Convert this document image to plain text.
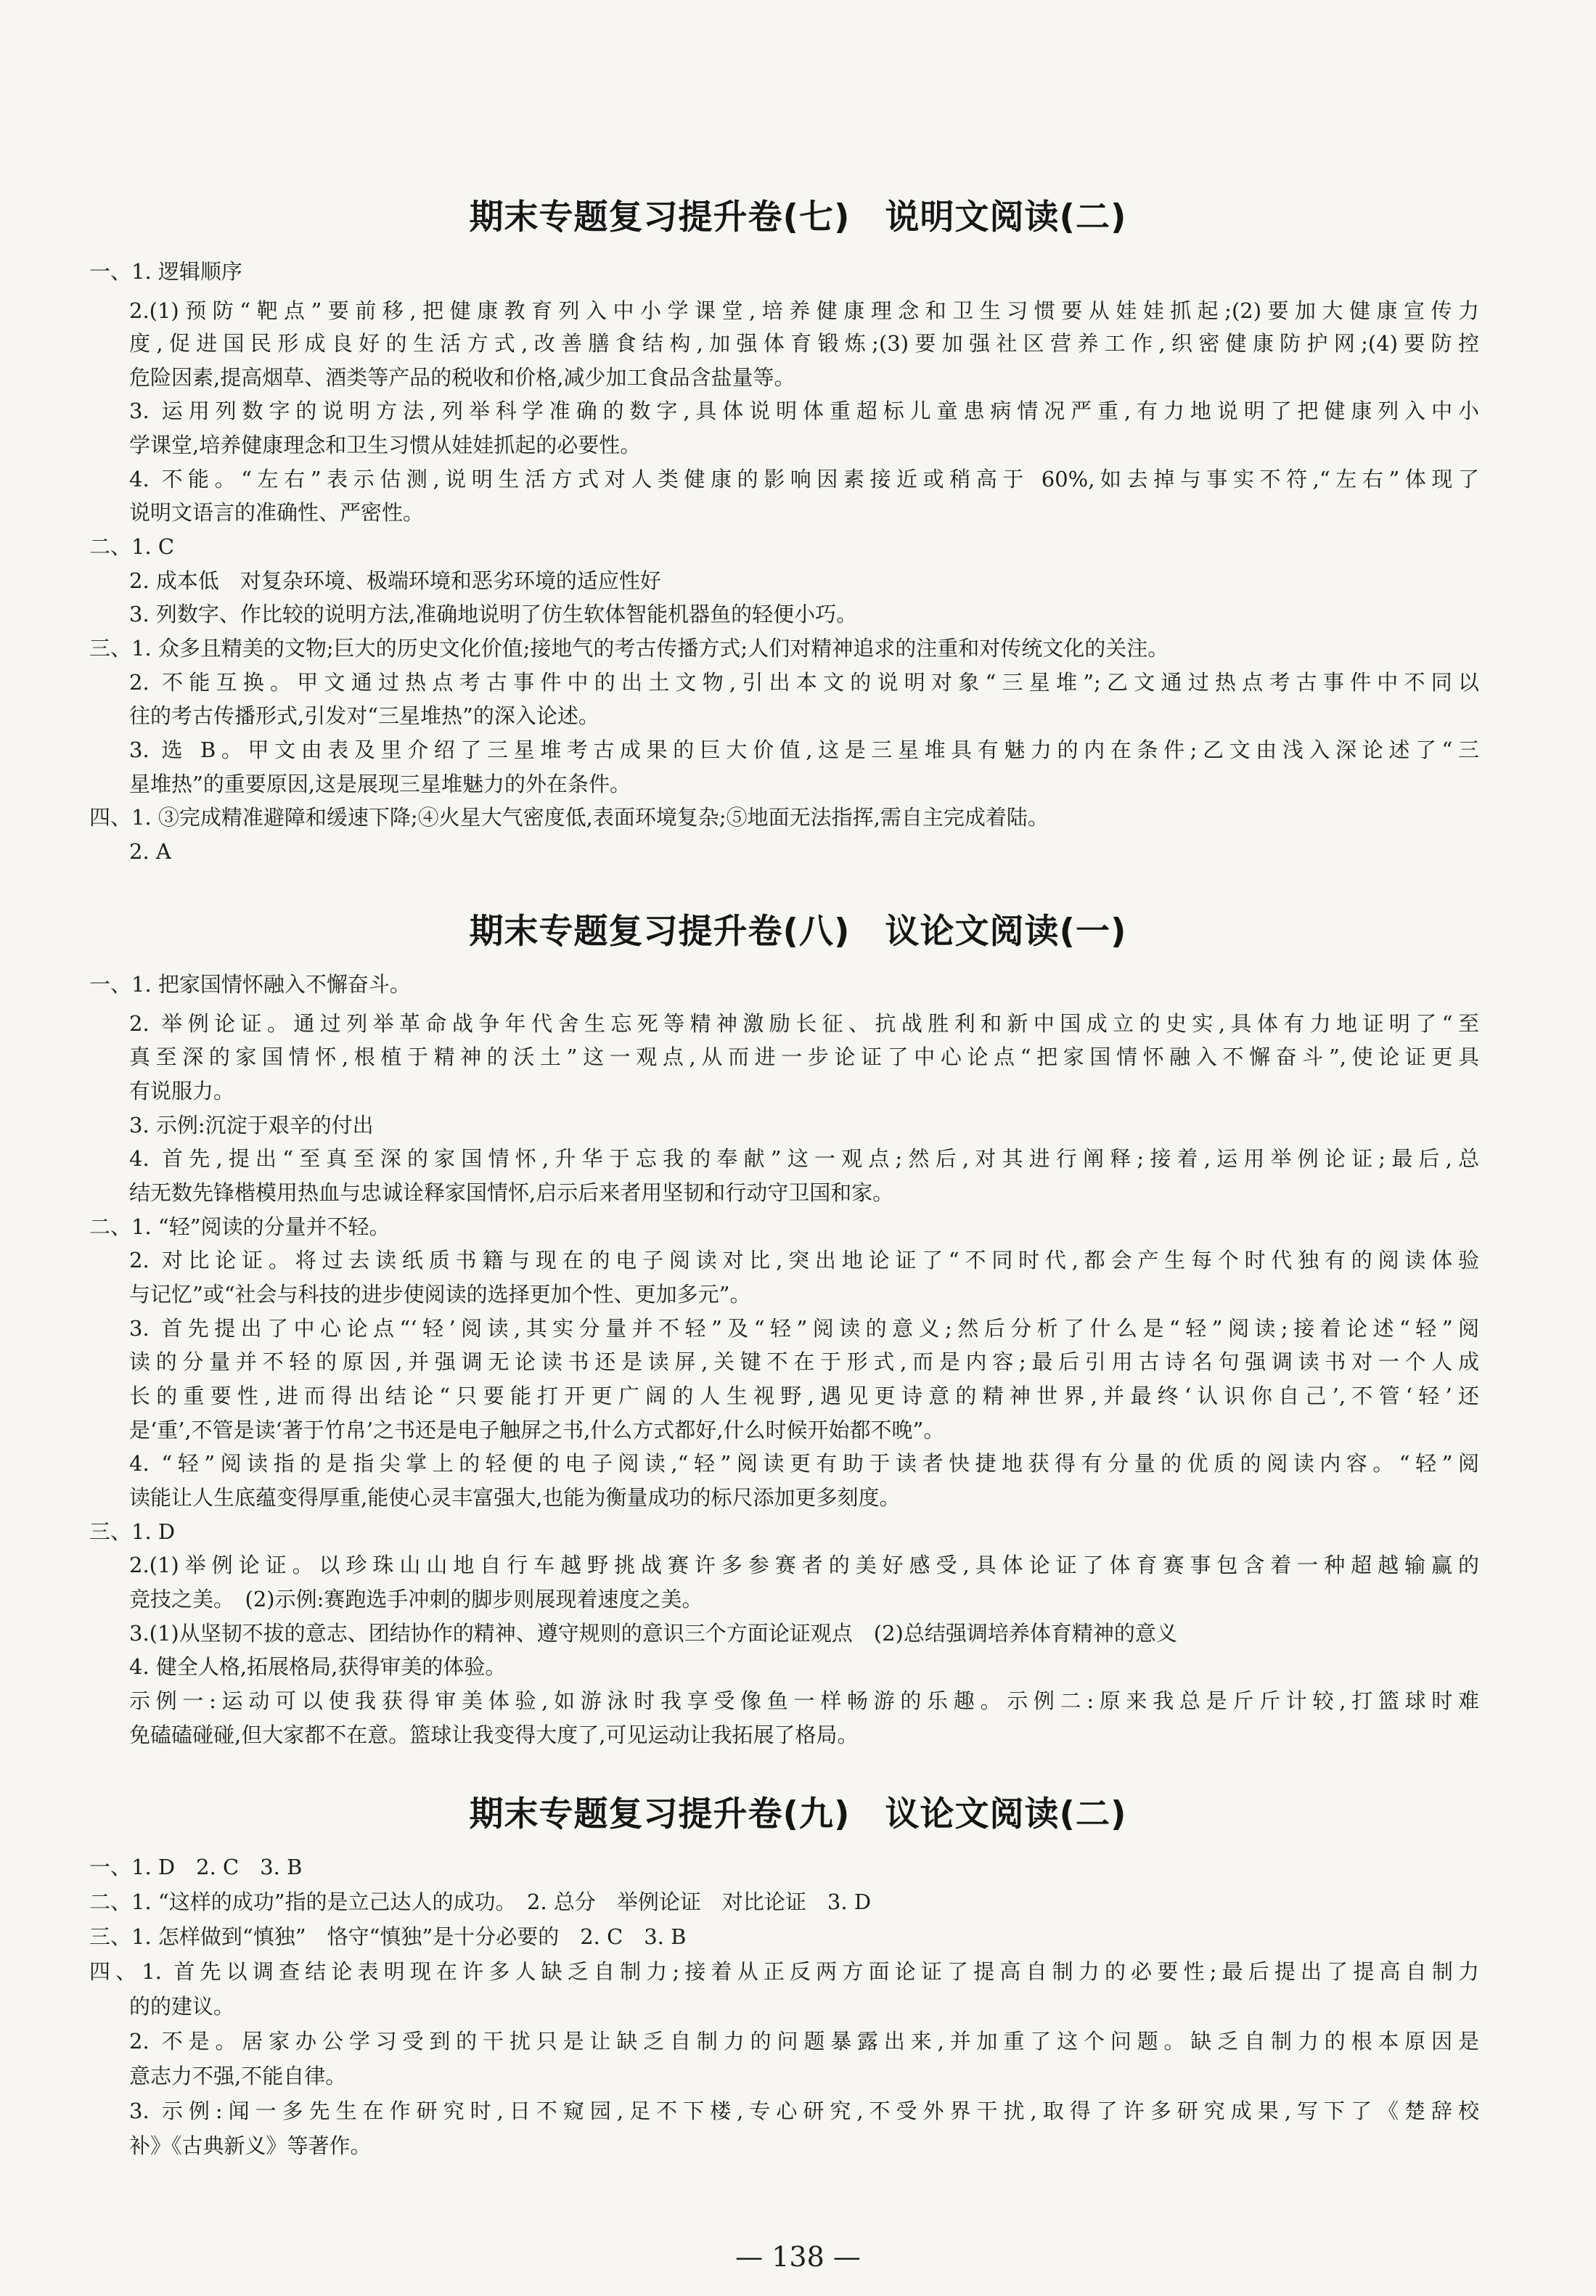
期末专题复习提升卷(七)　说明文阅读(二)

一、1. 逻辑顺序

2.(1)预防“靶点”要前移,把健康教育列入中小学课堂,培养健康理念和卫生习惯要从娃娃抓起;(2)要加大健康宣传力

度,促进国民形成良好的生活方式,改善膳食结构,加强体育锻炼;(3)要加强社区营养工作,织密健康防护网;(4)要防控

危险因素,提高烟草、酒类等产品的税收和价格,减少加工食品含盐量等。

3. 运用列数字的说明方法,列举科学准确的数字,具体说明体重超标儿童患病情况严重,有力地说明了把健康列入中小

学课堂,培养健康理念和卫生习惯从娃娃抓起的必要性。

4. 不能。“左右”表示估测,说明生活方式对人类健康的影响因素接近或稍高于 60%,如去掉与事实不符,“左右”体现了

说明文语言的准确性、严密性。

二、1. C

2. 成本低　对复杂环境、极端环境和恶劣环境的适应性好

3. 列数字、作比较的说明方法,准确地说明了仿生软体智能机器鱼的轻便小巧。

三、1. 众多且精美的文物;巨大的历史文化价值;接地气的考古传播方式;人们对精神追求的注重和对传统文化的关注。

2. 不能互换。甲文通过热点考古事件中的出土文物,引出本文的说明对象“三星堆”;乙文通过热点考古事件中不同以

往的考古传播形式,引发对“三星堆热”的深入论述。

3. 选 B。甲文由表及里介绍了三星堆考古成果的巨大价值,这是三星堆具有魅力的内在条件;乙文由浅入深论述了“三

星堆热”的重要原因,这是展现三星堆魅力的外在条件。

四、1. ③完成精准避障和缓速下降;④火星大气密度低,表面环境复杂;⑤地面无法指挥,需自主完成着陆。

2. A

期末专题复习提升卷(八)　议论文阅读(一)

一、1. 把家国情怀融入不懈奋斗。

2. 举例论证。通过列举革命战争年代舍生忘死等精神激励长征、抗战胜利和新中国成立的史实,具体有力地证明了“至

真至深的家国情怀,根植于精神的沃土”这一观点,从而进一步论证了中心论点“把家国情怀融入不懈奋斗”,使论证更具

有说服力。

3. 示例:沉淀于艰辛的付出

4. 首先,提出“至真至深的家国情怀,升华于忘我的奉献”这一观点;然后,对其进行阐释;接着,运用举例论证;最后,总

结无数先锋楷模用热血与忠诚诠释家国情怀,启示后来者用坚韧和行动守卫国和家。

二、1. “轻”阅读的分量并不轻。

2. 对比论证。将过去读纸质书籍与现在的电子阅读对比,突出地论证了“不同时代,都会产生每个时代独有的阅读体验

与记忆”或“社会与科技的进步使阅读的选择更加个性、更加多元”。

3. 首先提出了中心论点“‘轻’阅读,其实分量并不轻”及“轻”阅读的意义;然后分析了什么是“轻”阅读;接着论述“轻”阅

读的分量并不轻的原因,并强调无论读书还是读屏,关键不在于形式,而是内容;最后引用古诗名句强调读书对一个人成

长的重要性,进而得出结论“只要能打开更广阔的人生视野,遇见更诗意的精神世界,并最终‘认识你自己’,不管‘轻’还

是‘重’,不管是读‘著于竹帛’之书还是电子触屏之书,什么方式都好,什么时候开始都不晚”。

4. “轻”阅读指的是指尖掌上的轻便的电子阅读,“轻”阅读更有助于读者快捷地获得有分量的优质的阅读内容。“轻”阅

读能让人生底蕴变得厚重,能使心灵丰富强大,也能为衡量成功的标尺添加更多刻度。

三、1. D

2.(1)举例论证。以珍珠山山地自行车越野挑战赛许多参赛者的美好感受,具体论证了体育赛事包含着一种超越输赢的

竞技之美。　(2)示例:赛跑选手冲刺的脚步则展现着速度之美。

3.(1)从坚韧不拔的意志、团结协作的精神、遵守规则的意识三个方面论证观点　(2)总结强调培养体育精神的意义

4. 健全人格,拓展格局,获得审美的体验。

示例一:运动可以使我获得审美体验,如游泳时我享受像鱼一样畅游的乐趣。示例二:原来我总是斤斤计较,打篮球时难

免磕磕碰碰,但大家都不在意。篮球让我变得大度了,可见运动让我拓展了格局。

期末专题复习提升卷(九)　议论文阅读(二)

一、1. D　2. C　3. B

二、1. “这样的成功”指的是立己达人的成功。　2. 总分　举例论证　对比论证　3. D

三、1. 怎样做到“慎独”　恪守“慎独”是十分必要的　2. C　3. B

四、1. 首先以调查结论表明现在许多人缺乏自制力;接着从正反两方面论证了提高自制力的必要性;最后提出了提高自制力

的的建议。

2. 不是。居家办公学习受到的干扰只是让缺乏自制力的问题暴露出来,并加重了这个问题。缺乏自制力的根本原因是

意志力不强,不能自律。

3. 示例:闻一多先生在作研究时,日不窥园,足不下楼,专心研究,不受外界干扰,取得了许多研究成果,写下了《楚辞校

补》《古典新义》等著作。

— 138 —
